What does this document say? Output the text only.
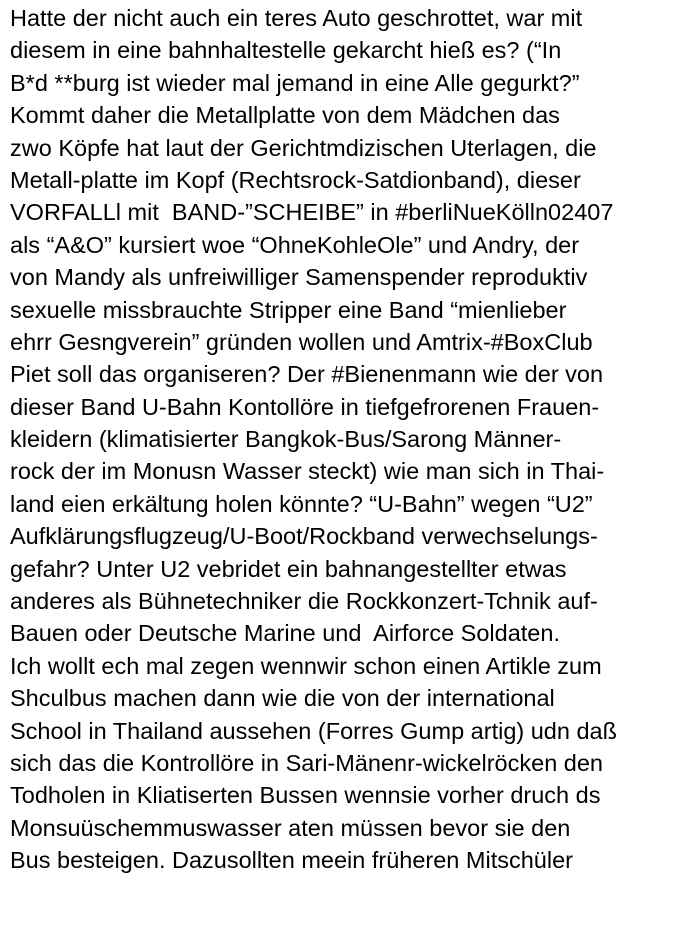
Hatte der nicht auch ein teres Auto geschrottet, war mit
diesem in eine bahnhaltestelle gekarcht hieß es? (“In
B*d **burg ist wieder mal jemand in eine Alle gegurkt?”
Kommt daher die Metallplatte von dem Mädchen das
zwo Köpfe hat laut der Gerichtmdizischen Uterlagen, die
Metall-platte im Kopf (Rechtsrock-Satdionband), dieser
VORFALLl mit  BAND-”SCHEIBE” in #berliNueKölln02407
als “A&O” kursiert woe “OhneKohleOle” und Andry, der
von Mandy als unfreiwilliger Samenspender reproduktiv
sexuelle missbrauchte Stripper eine Band “mienlieber
ehrr Gesngverein” gründen wollen und Amtrix-#BoxClub
Piet soll das organiseren? Der #Bienenmann wie der von
dieser Band U-Bahn Kontollöre in tiefgefrorenen Frauen-
kleidern (klimatisierter Bangkok-Bus/Sarong Männer-
rock der im Monusn Wasser steckt) wie man sich in Thai-
land eien erkältung holen könnte? “U-Bahn” wegen “U2”
Aufklärungsflugzeug/U-Boot/Rockband verwechselungs-
gefahr? Unter U2 vebridet ein bahnangestellter etwas
anderes als Bühnetechniker die Rockkonzert-Tchnik auf-
Bauen oder Deutsche Marine und  Airforce Soldaten.
Ich wollt ech mal zegen wennwir schon einen Artikle zum
Shculbus machen dann wie die von der international
School in Thailand aussehen (Forres Gump artig) udn daß
sich das die Kontrollöre in Sari-Mänenr-wickelröcken den
Todholen in Kliatiserten Bussen wennsie vorher druch ds
Monsuüschemmuswasser aten müssen bevor sie den
Bus besteigen. Dazusollten meein früheren Mitschüler
